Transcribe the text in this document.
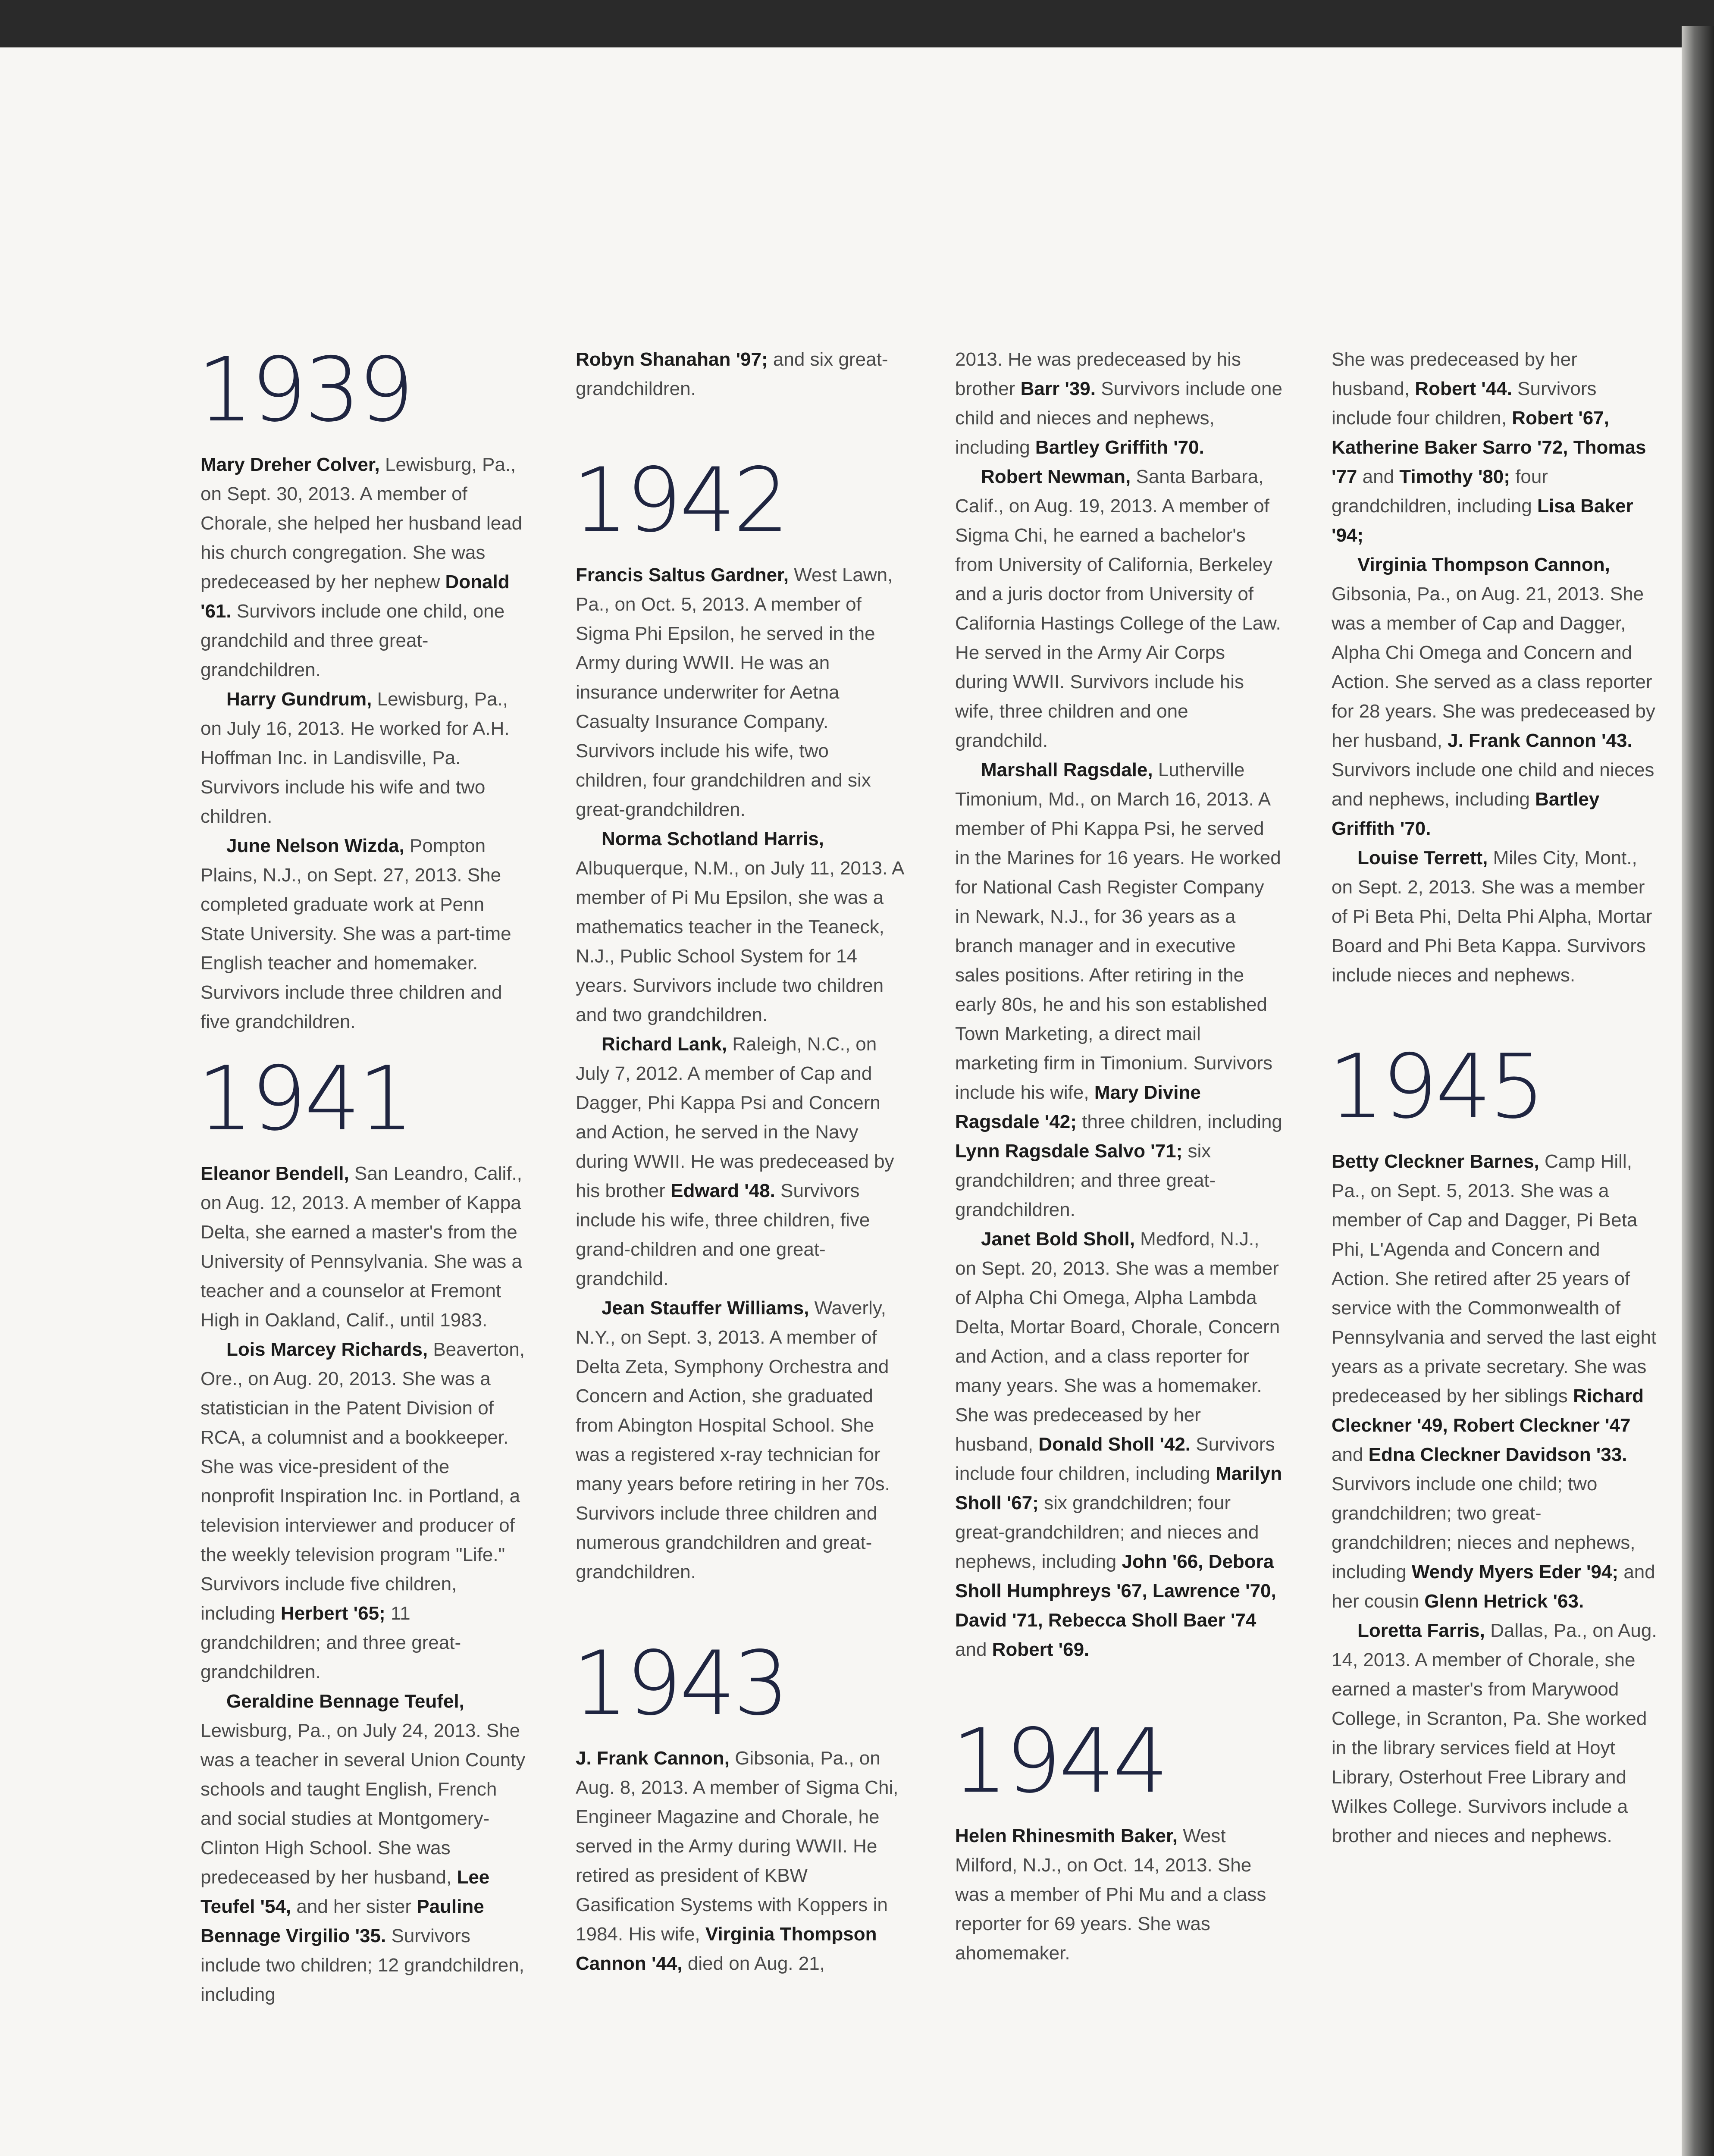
1939

Mary Dreher Colver, Lewisburg, Pa., on Sept. 30, 2013. A member of Chorale, she helped her husband lead his church congregation. She was predeceased by her nephew Donald '61. Survivors include one child, one grandchild and three great-grandchildren.

Harry Gundrum, Lewisburg, Pa., on July 16, 2013. He worked for A.H. Hoffman Inc. in Landisville, Pa. Survivors include his wife and two children.

June Nelson Wizda, Pompton Plains, N.J., on Sept. 27, 2013. She completed graduate work at Penn State University. She was a part-time English teacher and homemaker. Survivors include three children and five grandchildren.

1941

Eleanor Bendell, San Leandro, Calif., on Aug. 12, 2013. A member of Kappa Delta, she earned a master's from the University of Pennsylvania. She was a teacher and a counselor at Fremont High in Oakland, Calif., until 1983.

Lois Marcey Richards, Beaverton, Ore., on Aug. 20, 2013. She was a statistician in the Patent Division of RCA, a columnist and a bookkeeper. She was vice-president of the nonprofit Inspiration Inc. in Portland, a television interviewer and producer of the weekly television program "Life." Survivors include five children, including Herbert '65; 11 grandchildren; and three great-grandchildren.

Geraldine Bennage Teufel, Lewisburg, Pa., on July 24, 2013. She was a teacher in several Union County schools and taught English, French and social studies at Montgomery-Clinton High School. She was predeceased by her husband, Lee Teufel '54, and her sister Pauline Bennage Virgilio '35. Survivors include two children; 12 grandchildren, including

Robyn Shanahan '97; and six great-grandchildren.

1942

Francis Saltus Gardner, West Lawn, Pa., on Oct. 5, 2013. A member of Sigma Phi Epsilon, he served in the Army during WWII. He was an insurance underwriter for Aetna Casualty Insurance Company. Survivors include his wife, two children, four grandchildren and six great-grandchildren.

Norma Schotland Harris, Albuquerque, N.M., on July 11, 2013. A member of Pi Mu Epsilon, she was a mathematics teacher in the Teaneck, N.J., Public School System for 14 years. Survivors include two children and two grandchildren.

Richard Lank, Raleigh, N.C., on July 7, 2012. A member of Cap and Dagger, Phi Kappa Psi and Concern and Action, he served in the Navy during WWII. He was predeceased by his brother Edward '48. Survivors include his wife, three children, five grand-children and one great-grandchild.

Jean Stauffer Williams, Waverly, N.Y., on Sept. 3, 2013. A member of Delta Zeta, Symphony Orchestra and Concern and Action, she graduated from Abington Hospital School. She was a registered x-ray technician for many years before retiring in her 70s. Survivors include three children and numerous grandchildren and great-grandchildren.

1943

J. Frank Cannon, Gibsonia, Pa., on Aug. 8, 2013. A member of Sigma Chi, Engineer Magazine and Chorale, he served in the Army during WWII. He retired as president of KBW Gasification Systems with Koppers in 1984. His wife, Virginia Thompson Cannon '44, died on Aug. 21,

2013. He was predeceased by his brother Barr '39. Survivors include one child and nieces and nephews, including Bartley Griffith '70.

Robert Newman, Santa Barbara, Calif., on Aug. 19, 2013. A member of Sigma Chi, he earned a bachelor's from University of California, Berkeley and a juris doctor from University of California Hastings College of the Law. He served in the Army Air Corps during WWII. Survivors include his wife, three children and one grandchild.

Marshall Ragsdale, Lutherville Timonium, Md., on March 16, 2013. A member of Phi Kappa Psi, he served in the Marines for 16 years. He worked for National Cash Register Company in Newark, N.J., for 36 years as a branch manager and in executive sales positions. After retiring in the early 80s, he and his son established Town Marketing, a direct mail marketing firm in Timonium. Survivors include his wife, Mary Divine Ragsdale '42; three children, including Lynn Ragsdale Salvo '71; six grandchildren; and three great-grandchildren.

Janet Bold Sholl, Medford, N.J., on Sept. 20, 2013. She was a member of Alpha Chi Omega, Alpha Lambda Delta, Mortar Board, Chorale, Concern and Action, and a class reporter for many years. She was a homemaker. She was predeceased by her husband, Donald Sholl '42. Survivors include four children, including Marilyn Sholl '67; six grandchildren; four great-grandchildren; and nieces and nephews, including John '66, Debora Sholl Humphreys '67, Lawrence '70, David '71, Rebecca Sholl Baer '74 and Robert '69.

1944

Helen Rhinesmith Baker, West Milford, N.J., on Oct. 14, 2013. She was a member of Phi Mu and a class reporter for 69 years. She was ahomemaker.

She was predeceased by her husband, Robert '44. Survivors include four children, Robert '67, Katherine Baker Sarro '72, Thomas '77 and Timothy '80; four grandchildren, including Lisa Baker '94;

Virginia Thompson Cannon, Gibsonia, Pa., on Aug. 21, 2013. She was a member of Cap and Dagger, Alpha Chi Omega and Concern and Action. She served as a class reporter for 28 years. She was predeceased by her husband, J. Frank Cannon '43. Survivors include one child and nieces and nephews, including Bartley Griffith '70.

Louise Terrett, Miles City, Mont., on Sept. 2, 2013. She was a member of Pi Beta Phi, Delta Phi Alpha, Mortar Board and Phi Beta Kappa. Survivors include nieces and nephews.

1945

Betty Cleckner Barnes, Camp Hill, Pa., on Sept. 5, 2013. She was a member of Cap and Dagger, Pi Beta Phi, L'Agenda and Concern and Action. She retired after 25 years of service with the Commonwealth of Pennsylvania and served the last eight years as a private secretary. She was predeceased by her siblings Richard Cleckner '49, Robert Cleckner '47 and Edna Cleckner Davidson '33. Survivors include one child; two grandchildren; two great-grandchildren; nieces and nephews, including Wendy Myers Eder '94; and her cousin Glenn Hetrick '63.

Loretta Farris, Dallas, Pa., on Aug. 14, 2013. A member of Chorale, she earned a master's from Marywood College, in Scranton, Pa. She worked in the library services field at Hoyt Library, Osterhout Free Library and Wilkes College. Survivors include a brother and nieces and nephews.
